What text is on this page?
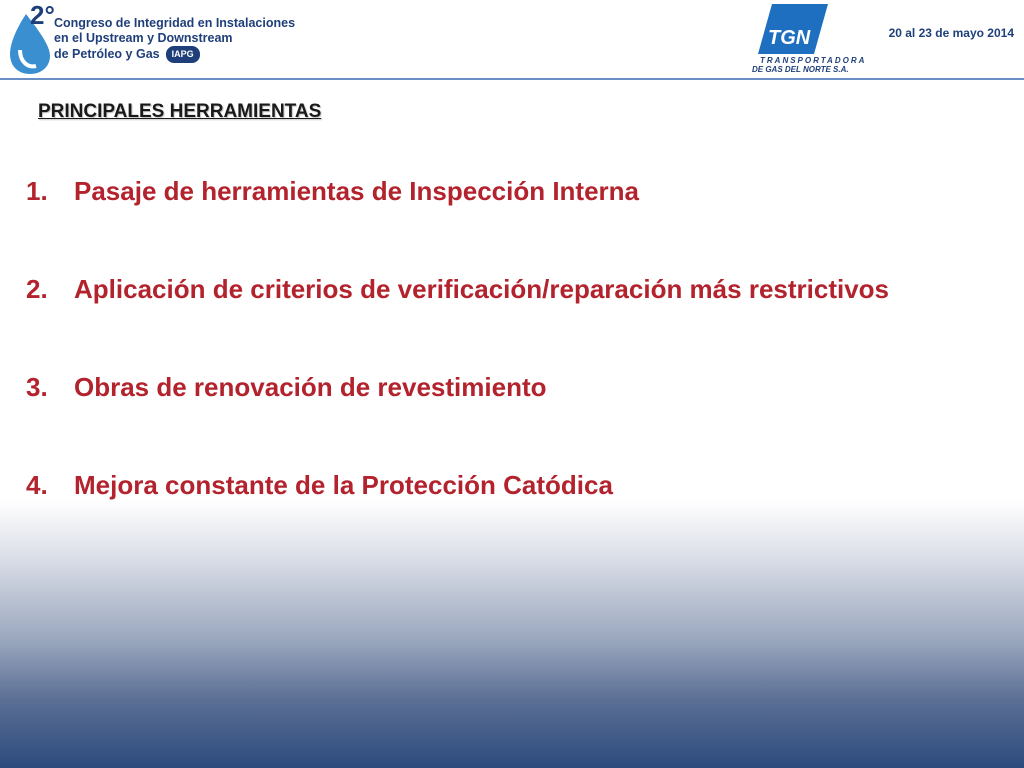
2° Congreso de Integridad en Instalaciones
en el Upstream y Downstream
de Petróleo y Gas IAPG
TGN
TRANSPORTADORA
DE GAS DEL NORTE S.A.
20 al 23 de mayo 2014
PRINCIPALES HERRAMIENTAS
1.	Pasaje de herramientas de Inspección Interna
2.	Aplicación de criterios de verificación/reparación más restrictivos
3.	Obras de renovación de revestimiento
4.	Mejora constante de la Protección Catódica
